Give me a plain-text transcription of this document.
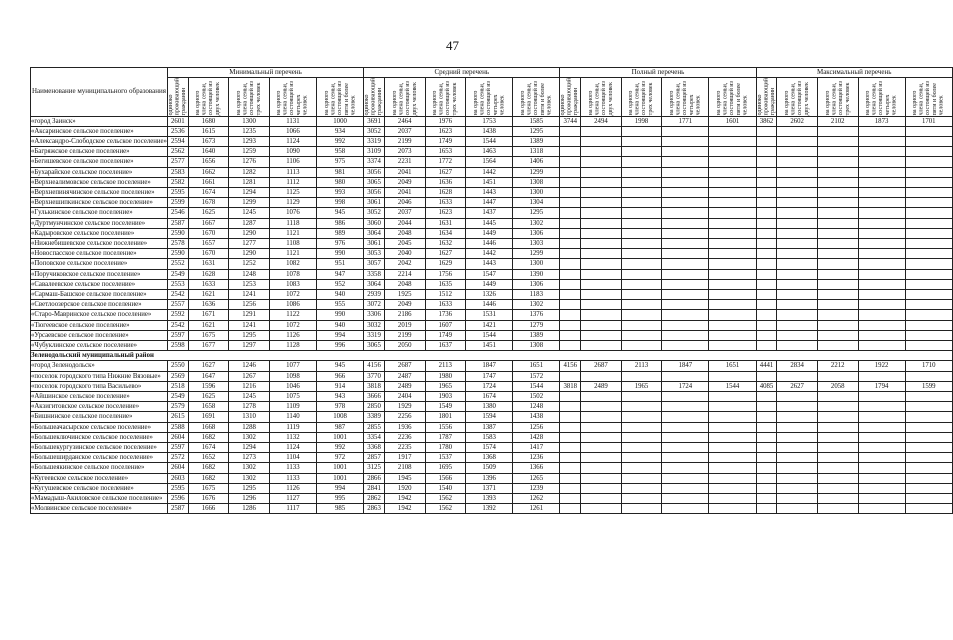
47
Наименование муниципального образования	Минимальный перечень					Средний перечень					Полный перечень					Максимальный перечень				

	одиноко проживающий гражданин	на одного члена семьи, состоящей из двух человек	на одного члена семьи, состоящей из трех человек	на одного члена семьи, состоящей из четырех человек	на одного члена семьи, состоящей из пяти и более человек	одиноко проживающий гражданин	на одного члена семьи, состоящей из двух человек	на одного члена семьи, состоящей из трех человек	на одного члена семьи, состоящей из четырех человек	на одного члена семьи, состоящей из пяти и более человек	одиноко проживающий гражданин	на одного члена семьи, состоящей из двух человек	на одного члена семьи, состоящей из трех человек	на одного члена семьи, состоящей из четырех человек	на одного члена семьи, состоящей из пяти и более человек	одиноко проживающий гражданин	на одного члена семьи, состоящей из двух человек	на одного члена семьи, состоящей из трех человек	на одного члена семьи, состоящей из четырех человек	на одного члена семьи, состоящей из пяти и более человек

«город Заинск»	2601	1680	1300	1131	1000	3691	2464	1976	1753	1585	3744	2494	1998	1771	1601	3862	2602	2102	1873	1701
«Аксаринское сельское поселение»	2536	1615	1235	1066	934	3052	2037	1623	1438	1295										
«Александро-Слободское сельское поселение»	2594	1673	1293	1124	992	3319	2199	1749	1544	1389										
«Багряжское сельское поселение»	2562	1640	1259	1090	958	3109	2073	1653	1463	1318										
«Бегишевское сельское поселение»	2577	1656	1276	1106	975	3374	2231	1772	1564	1406										
«Бухарайское сельское поселение»	2583	1662	1282	1113	981	3056	2041	1627	1442	1299										
«Верхнеалимовское сельское поселение»	2582	1661	1281	1112	980	3065	2049	1636	1451	1308										
«Верхнепинячинское сельское поселение»	2595	1674	1294	1125	993	3056	2041	1628	1443	1300										
«Верхнешипкинское сельское поселение»	2599	1678	1299	1129	998	3061	2046	1633	1447	1304										
«Гулькинское сельское поселение»	2546	1625	1245	1076	945	3052	2037	1623	1437	1295										
«Дуртмунчинское сельское поселение»	2587	1667	1287	1118	986	3060	2044	1631	1445	1302										
«Кадыровское сельское поселение»	2590	1670	1290	1121	989	3064	2048	1634	1449	1306										
«Нижнебишевское сельское поселение»	2578	1657	1277	1108	976	3061	2045	1632	1446	1303										
«Новоспасское сельское поселение»	2590	1670	1290	1121	990	3053	2040	1627	1442	1299										
«Поповское сельское поселение»	2552	1631	1252	1082	951	3057	2042	1629	1443	1300										
«Поручиковское сельское поселение»	2549	1628	1248	1078	947	3358	2214	1756	1547	1390										
«Савалеевское сельское поселение»	2553	1633	1253	1083	952	3064	2048	1635	1449	1306										
«Сармаш-Башское сельское поселение»	2542	1621	1241	1072	940	2939	1925	1512	1326	1183										
«Светлоозерское сельское поселение»	2557	1636	1256	1086	955	3072	2049	1633	1446	1302										
«Старо-Мавринское сельское поселение»	2592	1671	1291	1122	990	3306	2186	1736	1531	1376										
«Тюгеевское сельское поселение»	2542	1621	1241	1072	940	3032	2019	1607	1421	1279										
«Урсаевское сельское поселение»	2597	1675	1295	1126	994	3319	2199	1749	1544	1389										
«Чубуклинское сельское поселение»	2598	1677	1297	1128	996	3065	2050	1637	1451	1308										
Зеленодольский муниципальный район																				
«город Зеленодольск»	2550	1627	1246	1077	945	4156	2687	2113	1847	1651	4156	2687	2113	1847	1651	4441	2834	2212	1922	1710
«поселок городского типа Нижние Вязовые»	2569	1647	1267	1098	966	3770	2487	1980	1747	1572										
«поселок городского типа Васильево»	2518	1596	1216	1046	914	3818	2489	1965	1724	1544	3818	2489	1965	1724	1544	4085	2627	2058	1794	1599
«Айшинское сельское поселение»	2549	1625	1245	1075	943	3666	2404	1903	1674	1502										
«Акзигитовское сельское поселение»	2579	1658	1278	1109	978	2850	1929	1549	1380	1248										
«Бишнинское сельское поселение»	2615	1691	1310	1140	1008	3389	2256	1801	1594	1438										
«Большеачасырское сельское поселение»	2588	1668	1288	1119	987	2855	1936	1556	1387	1256										
«Большеключинское сельское поселение»	2604	1682	1302	1132	1001	3354	2236	1787	1583	1428										
«Большекургузинское сельское поселение»	2597	1674	1294	1124	992	3368	2235	1780	1574	1417										
«Большеширданское сельское поселение»	2572	1652	1273	1104	972	2857	1917	1537	1368	1236										
«Большеякинское сельское поселение»	2604	1682	1302	1133	1001	3125	2108	1695	1509	1366										
«Кугеевское сельское поселение»	2603	1682	1302	1133	1001	2866	1945	1566	1396	1265										
«Кугушевское сельское поселение»	2595	1675	1295	1126	994	2841	1920	1540	1371	1239										
«Мамадыш-Акиловское сельское поселение»	2596	1676	1296	1127	995	2862	1942	1562	1393	1262										
«Молвинское сельское поселение»	2587	1666	1286	1117	985	2863	1942	1562	1392	1261										
